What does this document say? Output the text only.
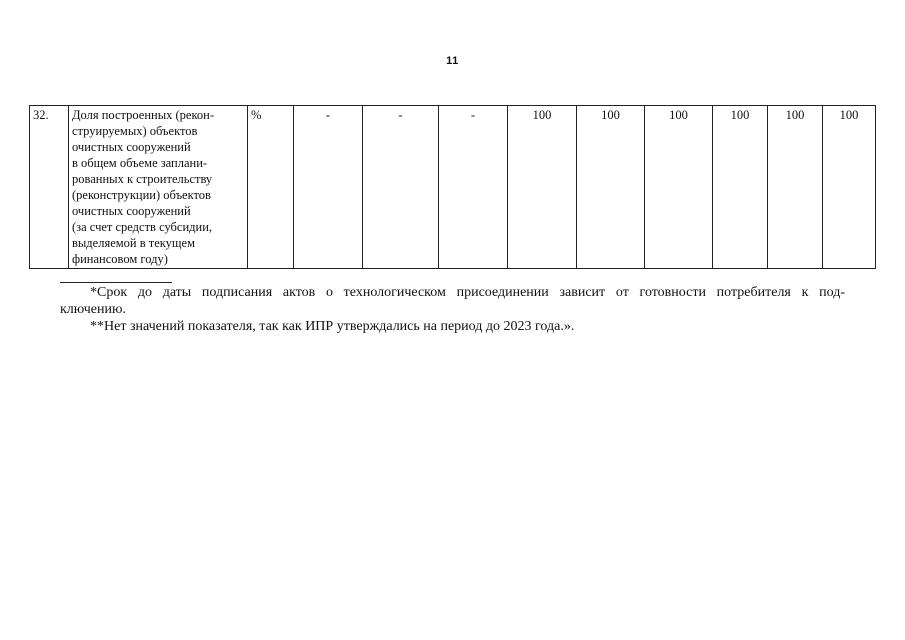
11
32.	Доля построенных (рекон-
струируемых) объектов
очистных сооружений
в общем объеме заплани-
рованных к строительству
(реконструкции) объектов
очистных сооружений
(за счет средств субсидии,
выделяемой в текущем
финансовом году)
	%	-	-	-	100	100	100	100	100	100

*Срок до даты подписания актов о технологическом присоединении зависит от готовности потребителя к под-
ключению.

**Нет значений показателя, так как ИПР утверждались на период до 2023 года.».
